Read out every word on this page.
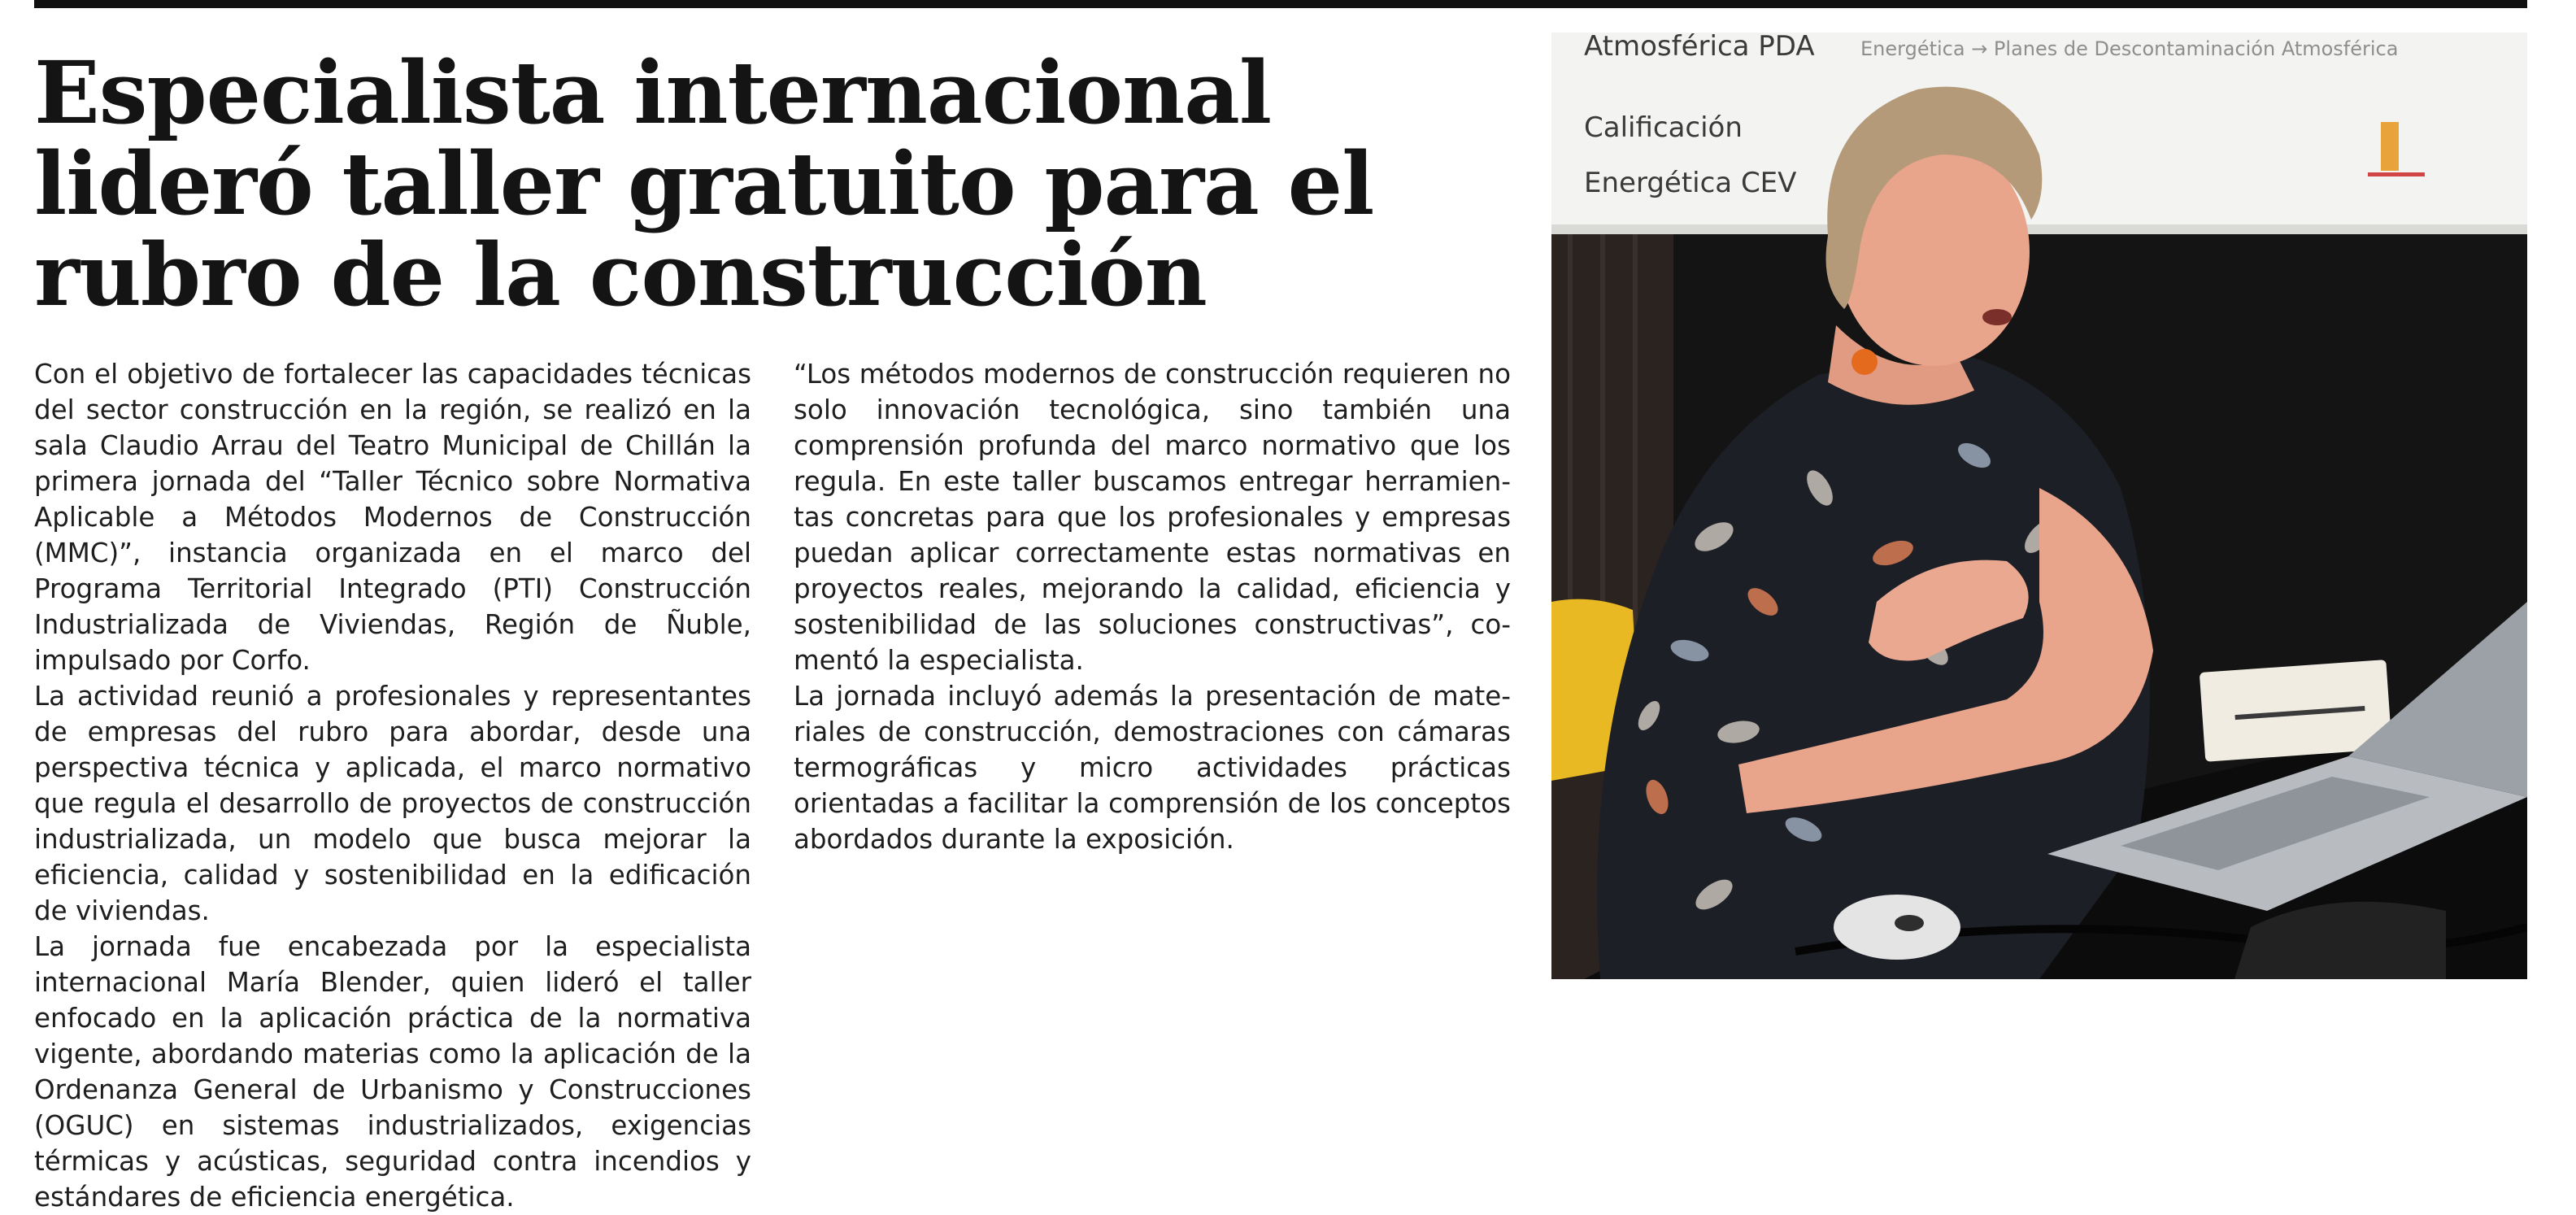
Especialista internacional
lideró taller gratuito para el
rubro de la construcción

Con el objetivo de fortalecer las capacidades técnicas del sector construcción en la región, se realizó en la sala Claudio Arrau del Teatro Municipal de Chillán la primera jornada del “Taller Técnico sobre Normativa Aplicable a Métodos Modernos de Construcción (MMC)”, instancia organizada en el marco del Programa Territorial Integrado (PTI) Construcción Industrializada de Viviendas, Región de Ñuble, impulsado por Corfo.

La actividad reunió a profesionales y representantes de empresas del rubro para abordar, desde una perspectiva técnica y aplicada, el marco normativo que regula el desarrollo de proyectos de construcción industrializada, un modelo que busca mejorar la eficiencia, calidad y sostenibilidad en la edificación de viviendas.

La jornada fue encabezada por la especialista internacional María Blender, quien lideró el taller enfocado en la aplicación práctica de la normativa vigente, abordando materias como la aplicación de la Ordenanza General de Urbanismo y Construcciones (OGUC) en sistemas industrializados, exigencias térmicas y acústicas, seguridad contra incendios y estándares de eficiencia energética.

“Los métodos modernos de construcción requieren no solo innovación tecnológica, sino también una comprensión profunda del marco normativo que los regula. En este taller buscamos entregar herramientas concretas para que los profesionales y empresas puedan aplicar correctamente estas normativas en proyectos reales, mejorando la calidad, eficiencia y sostenibilidad de las soluciones constructivas”, comentó la especialista.

La jornada incluyó además la presentación de materiales de construcción, demostraciones con cámaras termográficas y micro actividades prácticas orientadas a facilitar la comprensión de los conceptos abordados durante la exposición.

Atmosférica PDA Energética → Planes de Descontaminación Atmosférica
Calificación
Energética CEV
